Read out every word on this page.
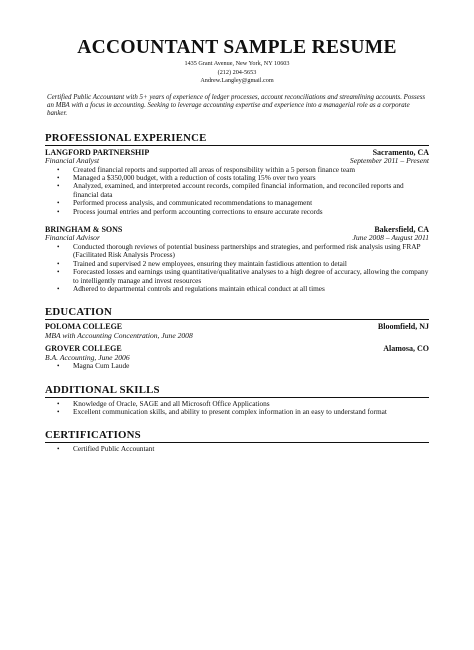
ACCOUNTANT SAMPLE RESUME
1435 Grant Avenue, New York, NY 10603
(212) 204-5653
Andrew.Langley@gmail.com
Certified Public Accountant with 5+ years of experience of ledger processes, account reconciliations and streamlining accounts. Possess an MBA with a focus in accounting. Seeking to leverage accounting expertise and experience into a managerial role as a corporate banker.
PROFESSIONAL EXPERIENCE
LANGFORD PARTNERSHIP	Sacramento, CA
Financial Analyst	September 2011 – Present
• Created financial reports and supported all areas of responsibility within a 5 person finance team
• Managed a $350,000 budget, with a reduction of costs totaling 15% over two years
• Analyzed, examined, and interpreted account records, compiled financial information, and reconciled reports and financial data
• Performed process analysis, and communicated recommendations to management
• Process journal entries and perform accounting corrections to ensure accurate records
BRINGHAM & SONS	Bakersfield, CA
Financial Advisor	June 2008 – August 2011
• Conducted thorough reviews of potential business partnerships and strategies, and performed risk analysis using FRAP (Facilitated Risk Analysis Process)
• Trained and supervised 2 new employees, ensuring they maintain fastidious attention to detail
• Forecasted losses and earnings using quantitative/qualitative analyses to a high degree of accuracy, allowing the company to intelligently manage and invest resources
• Adhered to departmental controls and regulations maintain ethical conduct at all times
EDUCATION
POLOMA COLLEGE	Bloomfield, NJ
MBA with Accounting Concentration, June 2008
GROVER COLLEGE	Alamosa, CO
B.A. Accounting, June 2006
• Magna Cum Laude
ADDITIONAL SKILLS
• Knowledge of Oracle, SAGE and all Microsoft Office Applications
• Excellent communication skills, and ability to present complex information in an easy to understand format
CERTIFICATIONS
• Certified Public Accountant
